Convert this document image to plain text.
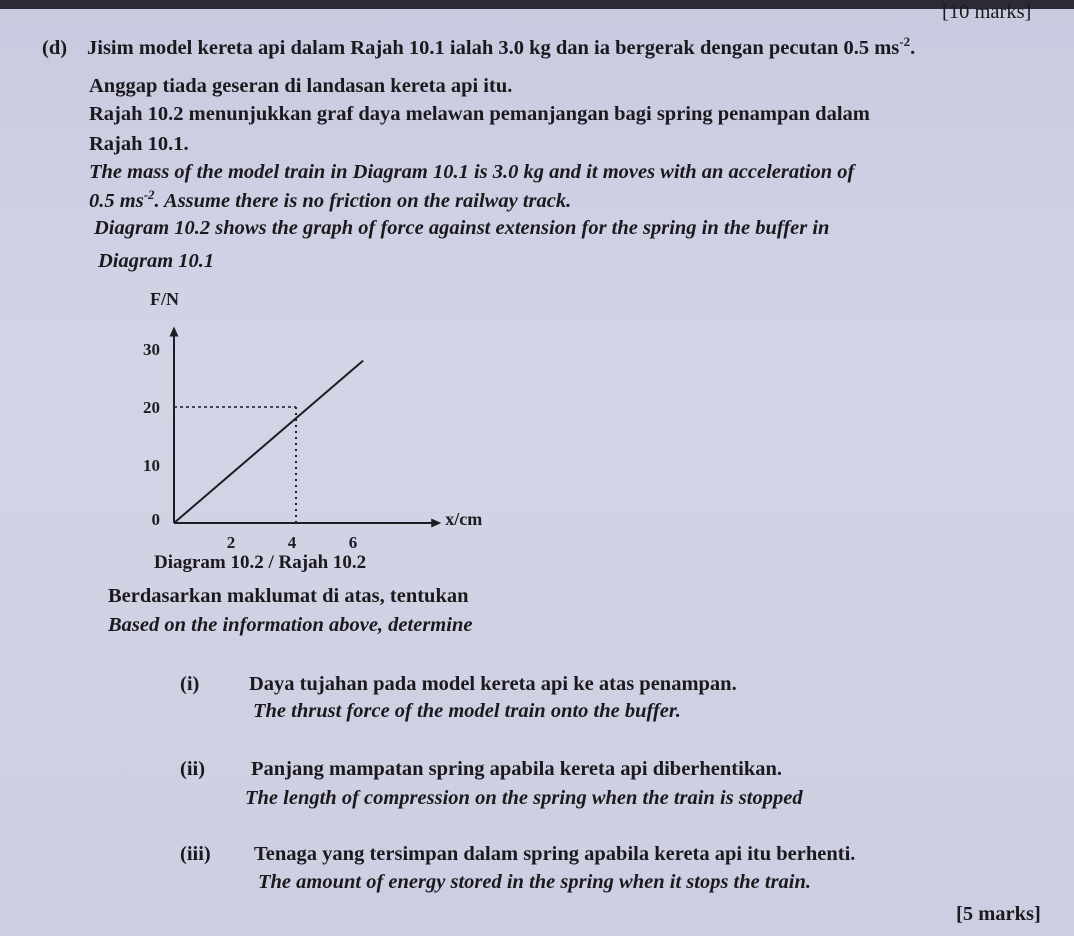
[10 marks]
(d) Jisim model kereta api dalam Rajah 10.1 ialah 3.0 kg dan ia bergerak dengan pecutan 0.5 $ms^{-2}$.
Anggap tiada geseran di landasan kereta api itu.
Rajah 10.2 menunjukkan graf daya melawan pemanjangan bagi spring penampan dalam
Rajah 10.1.
The mass of the model train in Diagram 10.1 is 3.0 kg and it moves with an acceleration of
0.5 $ms^{-2}$. Assume there is no friction on the railway track.
Diagram 10.2 shows the graph of force against extension for the spring in the buffer in
Diagram 10.1
0
10
20
30
2	4	6
x/cm
F/N
Diagram 10.2 / Rajah 10.2
Berdasarkan maklumat di atas, tentukan
Based on the information above, determine
(i) Daya tujahan pada model kereta api ke atas penampan.
The thrust force of the model train onto the buffer.
(ii) Panjang mampatan spring apabila kereta api diberhentikan.
The length of compression on the spring when the train is stopped
(iii) Tenaga yang tersimpan dalam spring apabila kereta api itu berhenti.
The amount of energy stored in the spring when it stops the train.
[5 marks]
